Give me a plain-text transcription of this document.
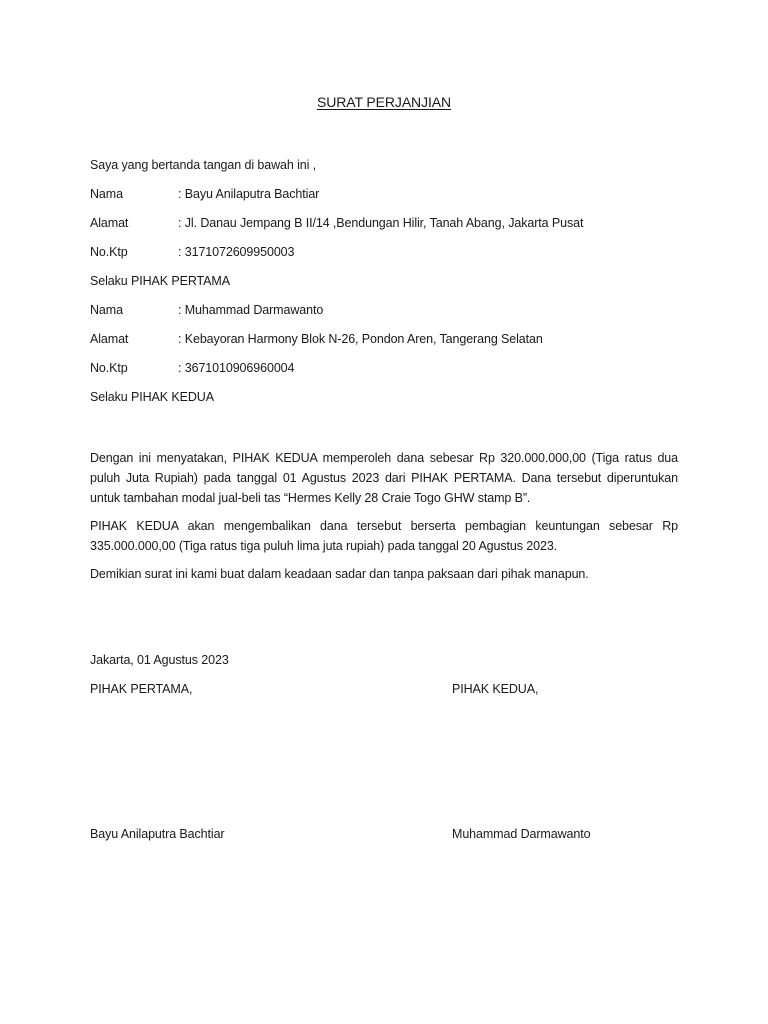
SURAT PERJANJIAN
Saya yang bertanda tangan di bawah ini ,
Nama	: Bayu Anilaputra Bachtiar
Alamat	: Jl. Danau Jempang B II/14 ,Bendungan Hilir, Tanah Abang, Jakarta Pusat
No.Ktp	: 3171072609950003
Selaku PIHAK PERTAMA
Nama	: Muhammad Darmawanto
Alamat	: Kebayoran Harmony Blok N-26, Pondon Aren, Tangerang Selatan
No.Ktp	: 3671010906960004
Selaku PIHAK KEDUA
Dengan ini menyatakan, PIHAK KEDUA memperoleh dana sebesar Rp 320.000.000,00 (Tiga ratus dua puluh Juta Rupiah) pada tanggal 01 Agustus 2023 dari PIHAK PERTAMA. Dana tersebut diperuntukan untuk tambahan modal jual-beli tas “Hermes Kelly 28 Craie Togo GHW stamp B”.
PIHAK KEDUA akan mengembalikan dana tersebut berserta pembagian keuntungan sebesar Rp 335.000.000,00 (Tiga ratus tiga puluh lima juta rupiah) pada tanggal 20 Agustus 2023.
Demikian surat ini kami buat dalam keadaan sadar dan tanpa paksaan dari pihak manapun.
Jakarta, 01 Agustus 2023
PIHAK PERTAMA,	PIHAK KEDUA,
Bayu Anilaputra Bachtiar	Muhammad Darmawanto
